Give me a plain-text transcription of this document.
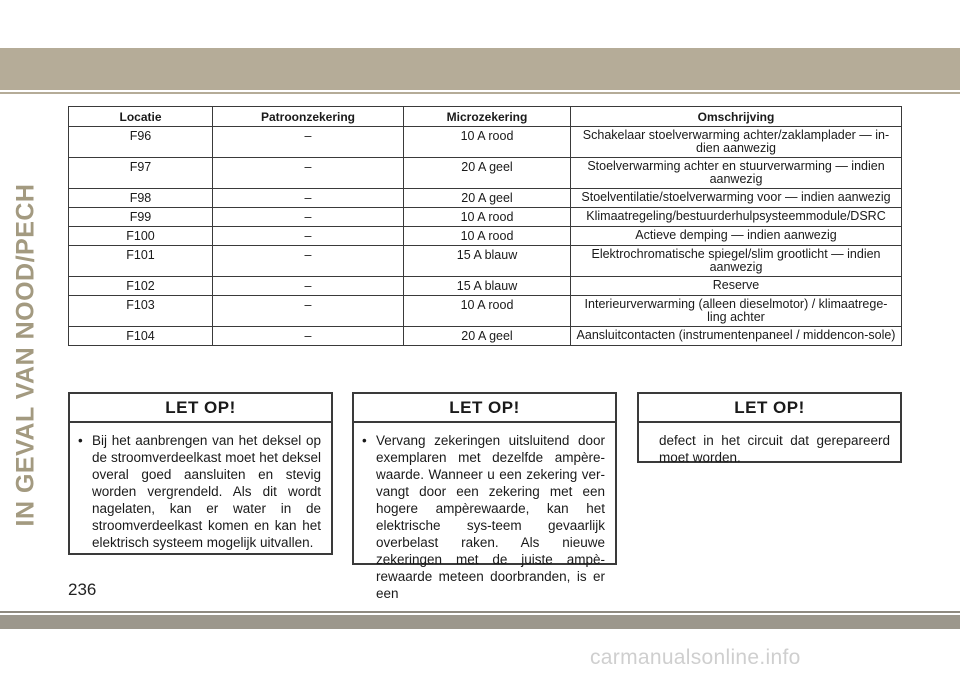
IN GEVAL VAN NOOD/PECH
Locatie	Patroonzekering	Microzekering	Omschrijving
F96	–	10 A rood	Schakelaar stoelverwarming achter/zaklamplader — in-dien aanwezig
F97	–	20 A geel	Stoelverwarming achter en stuurverwarming — indien aanwezig
F98	–	20 A geel	Stoelventilatie/stoelverwarming voor — indien aanwezig
F99	–	10 A rood	Klimaatregeling/bestuurderhulpsysteemmodule/DSRC
F100	–	10 A rood	Actieve demping — indien aanwezig
F101	–	15 A blauw	Elektrochromatische spiegel/slim grootlicht — indien aanwezig
F102	–	15 A blauw	Reserve
F103	–	10 A rood	Interieurverwarming (alleen dieselmotor) / klimaatrege-ling achter
F104	–	20 A geel	Aansluitcontacten (instrumentenpaneel / middencon-sole)
LET OP!
• Bij het aanbrengen van het deksel op de stroomverdeelkast moet het deksel overal goed aansluiten en stevig worden vergrendeld. Als dit wordt nagelaten, kan er water in de stroomverdeelkast komen en kan het elektrisch systeem mogelijk uitvallen.
LET OP!
• Vervang zekeringen uitsluitend door exemplaren met dezelfde ampère-waarde. Wanneer u een zekering ver-vangt door een zekering met een hogere ampèrewaarde, kan het elektrische sys-teem gevaarlijk overbelast raken. Als nieuwe zekeringen met de juiste ampè-rewaarde meteen doorbranden, is er een
LET OP!
defect in het circuit dat gerepareerd moet worden.
236
carmanualsonline.info
